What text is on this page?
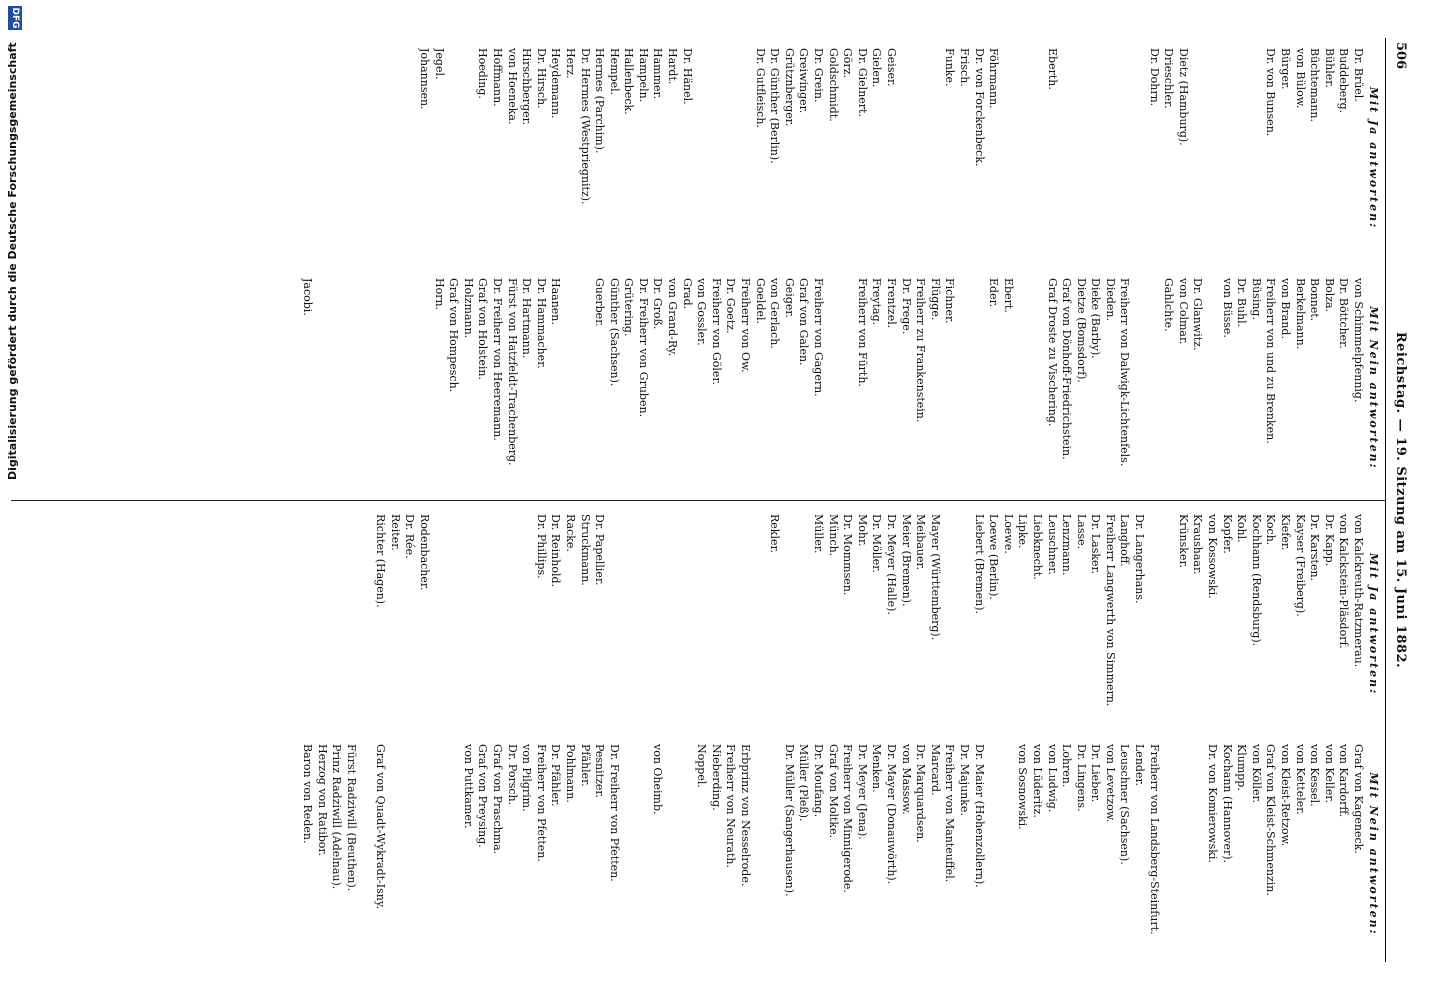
506
Reichstag. — 19. Sitzung am 15. Juni 1882.
Mit Ja antworten:
Dr. Brüel.
Buddeberg.
Bühler.
Büchtemann.
von Bülow.
Bürger.
Dr. von Bunsen.
Dietz (Hamburg).
Drieschler.
Dr. Dohrn.
Eberth.
Föhrmann.
Dr. von Forckenbeck.
Frisch.
Funke.
Geiser.
Gielen.
Dr. Gielnert.
Görz.
Goldschmidt.
Dr. Grein.
Greiwinger.
Grütznberger.
Dr. Günther (Berlin).
Dr. Gutfleisch.
Dr. Hänel.
Hardt.
Hammer.
Hampeln.
Hallenbeck.
Hempel.
Hermes (Parchim).
Dr. Hermes (Westpriegnitz).
Herz.
Heydemann.
Dr. Hirsch.
Hirschberger.
von Hoeneka.
Hoffmann.
Hoeding.
Jegel.
Johannsen.
Mit Nein antworten:
von Schimmelpfennig.
Dr. Böttcher.
Bolza.
Bonnet.
Berkelmann.
von Brand.
Freiherr von und zu Brenken.
Büsing.
Dr. Buhl.
von Büsse.
Dr. Glanwitz.
von Colmar.
Gahlchte.
Freiherr von Dalwigk-Lichtenfels.
Dieden.
Dieke (Barby).
Dietze (Bomsdorf).
Graf von Dönhoff-Friedrichstein.
Graf Droste zu Vischering.
Ebert.
Eder.
Fichner.
Flügge.
Freiherr zu Frankenstein.
Dr. Frege.
Frentzel.
Freytag.
Freiherr von Fürth.
Freiherr von Gagern.
Graf von Galen.
Geiger.
von Gerlach.
Goeldel.
Freiherr von Ow.
Dr. Goetz.
Freiherr von Göler.
von Gossler.
Grad.
von Grand-Ry.
Dr. Groß.
Dr. Freiherr von Gruben.
Grütering.
Günther (Sachsen).
Guerber.
Haanen.
Dr. Hammacher.
Dr. Hartmann.
Fürst von Hatzfeldt-Trachenberg.
Dr. Freiherr von Heeremann.
Graf von Holstein.
Holzmann.
Graf von Hompesch.
Horn.
Jacobi.
Mit Ja antworten:
von Kalckreuth-Ratzmerau.
von Kalckstein-Pläsdorf.
Dr. Kapp.
Dr. Karsten.
Kayser (Freiberg).
Kiefer.
Koch.
Kochhann (Rendsburg).
Kohl.
Kopfer.
von Kossowski.
Kraushaar.
Krünsker.
Dr. Langerhans.
Langhoff.
Freiherr Langwerth von Simmern.
Dr. Lasker.
Lasse.
Lenzmann.
Leuschner.
Liebknecht.
Lipke.
Loewe.
Loewe (Berlin).
Liebert (Bremen).
Mayer (Württemberg).
Meibauer.
Meier (Bremen).
Dr. Meyer (Halle).
Dr. Möller.
Mohr.
Dr. Mommsen.
Münch.
Müller.
Rekler.
Dr. Papellier.
Struckmann.
Racke.
Dr. Reinhold.
Dr. Phillips.
Rodenbacher.
Dr. Rée.
Reiter.
Richter (Hagen).
Mit Nein antworten:
Graf von Kageneck.
von Kardorff.
von Keller.
von Kessel.
von Ketteler.
von Kleist-Retzow.
Graf von Kleist-Schmenzin.
von Köller.
Klumpp.
Kochann (Hannover).
Dr. von Komierowski.
Freiherr von Landsberg-Steinfurt.
Lender.
Leuschner (Sachsen).
von Levetzow.
Dr. Lieber.
Dr. Lingens.
Lohren.
von Ludwig.
von Lüderitz.
von Sosnowski.
Dr. Maier (Hohenzollern).
Dr. Majunke.
Freiherr von Manteuffel.
Marcard.
Dr. Marquardsen.
von Massow.
Dr. Mayer (Donauwörth).
Menken.
Dr. Meyer (Jena).
Freiherr von Minnigerode.
Graf von Moltke.
Dr. Moufang.
Müller (Pleß).
Dr. Müller (Sangerhausen).
Erbprinz von Nesselrode.
Freiherr von Neurath.
Nieberding.
Noppel.
von Oheimb.
Dr. Freiherr von Pfetten.
Pesnitzer.
Pfähler.
Pohlmann.
Dr. Pfähler.
Freiherr von Pfetten.
von Pilgrim.
Dr. Porsch.
Graf von Praschma.
Graf von Preysing.
von Puttkamer.
Graf von Quadt-Wykradt-Isny.
Fürst Radziwill (Beuthen).
Prinz Radziwill (Adelnau).
Herzog von Ratibor.
Baron von Reden.
DFG
Digitalisierung gefördert durch die Deutsche Forschungsgemeinschaft
